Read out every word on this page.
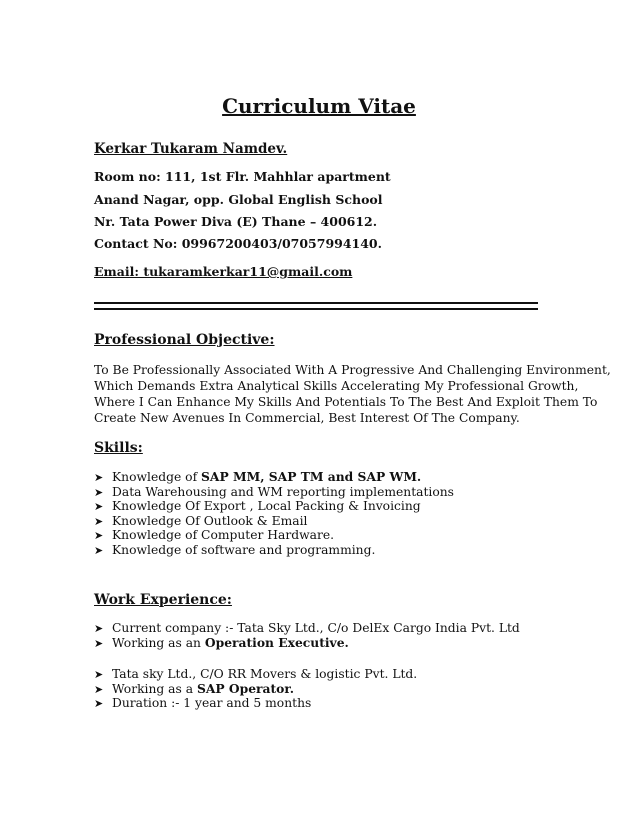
Curriculum Vitae
Kerkar Tukaram Namdev.
Room no: 111, 1st Flr. Mahhlar apartment
Anand Nagar, opp. Global English School
Nr. Tata Power Diva (E) Thane – 400612.
Contact No: 09967200403/07057994140.
Email: tukaramkerkar11@gmail.com
Professional Objective:
To Be Professionally Associated With A Progressive And Challenging Environment,
Which Demands Extra Analytical Skills Accelerating My Professional Growth,
Where I Can Enhance My Skills And Potentials To The Best And Exploit Them To
Create New Avenues In Commercial, Best Interest Of The Company.
Skills:
➤ Knowledge of SAP MM, SAP TM and SAP WM.
➤ Data Warehousing and WM reporting implementations
➤ Knowledge Of Export , Local Packing & Invoicing
➤ Knowledge Of Outlook & Email
➤ Knowledge of Computer Hardware.
➤ Knowledge of software and programming.
Work Experience:
➤ Current company :- Tata Sky Ltd., C/o DelEx Cargo India Pvt. Ltd
➤ Working as an Operation Executive.
➤ Tata sky Ltd., C/O RR Movers & logistic Pvt. Ltd.
➤ Working as a SAP Operator.
➤ Duration :- 1 year and 5 months
